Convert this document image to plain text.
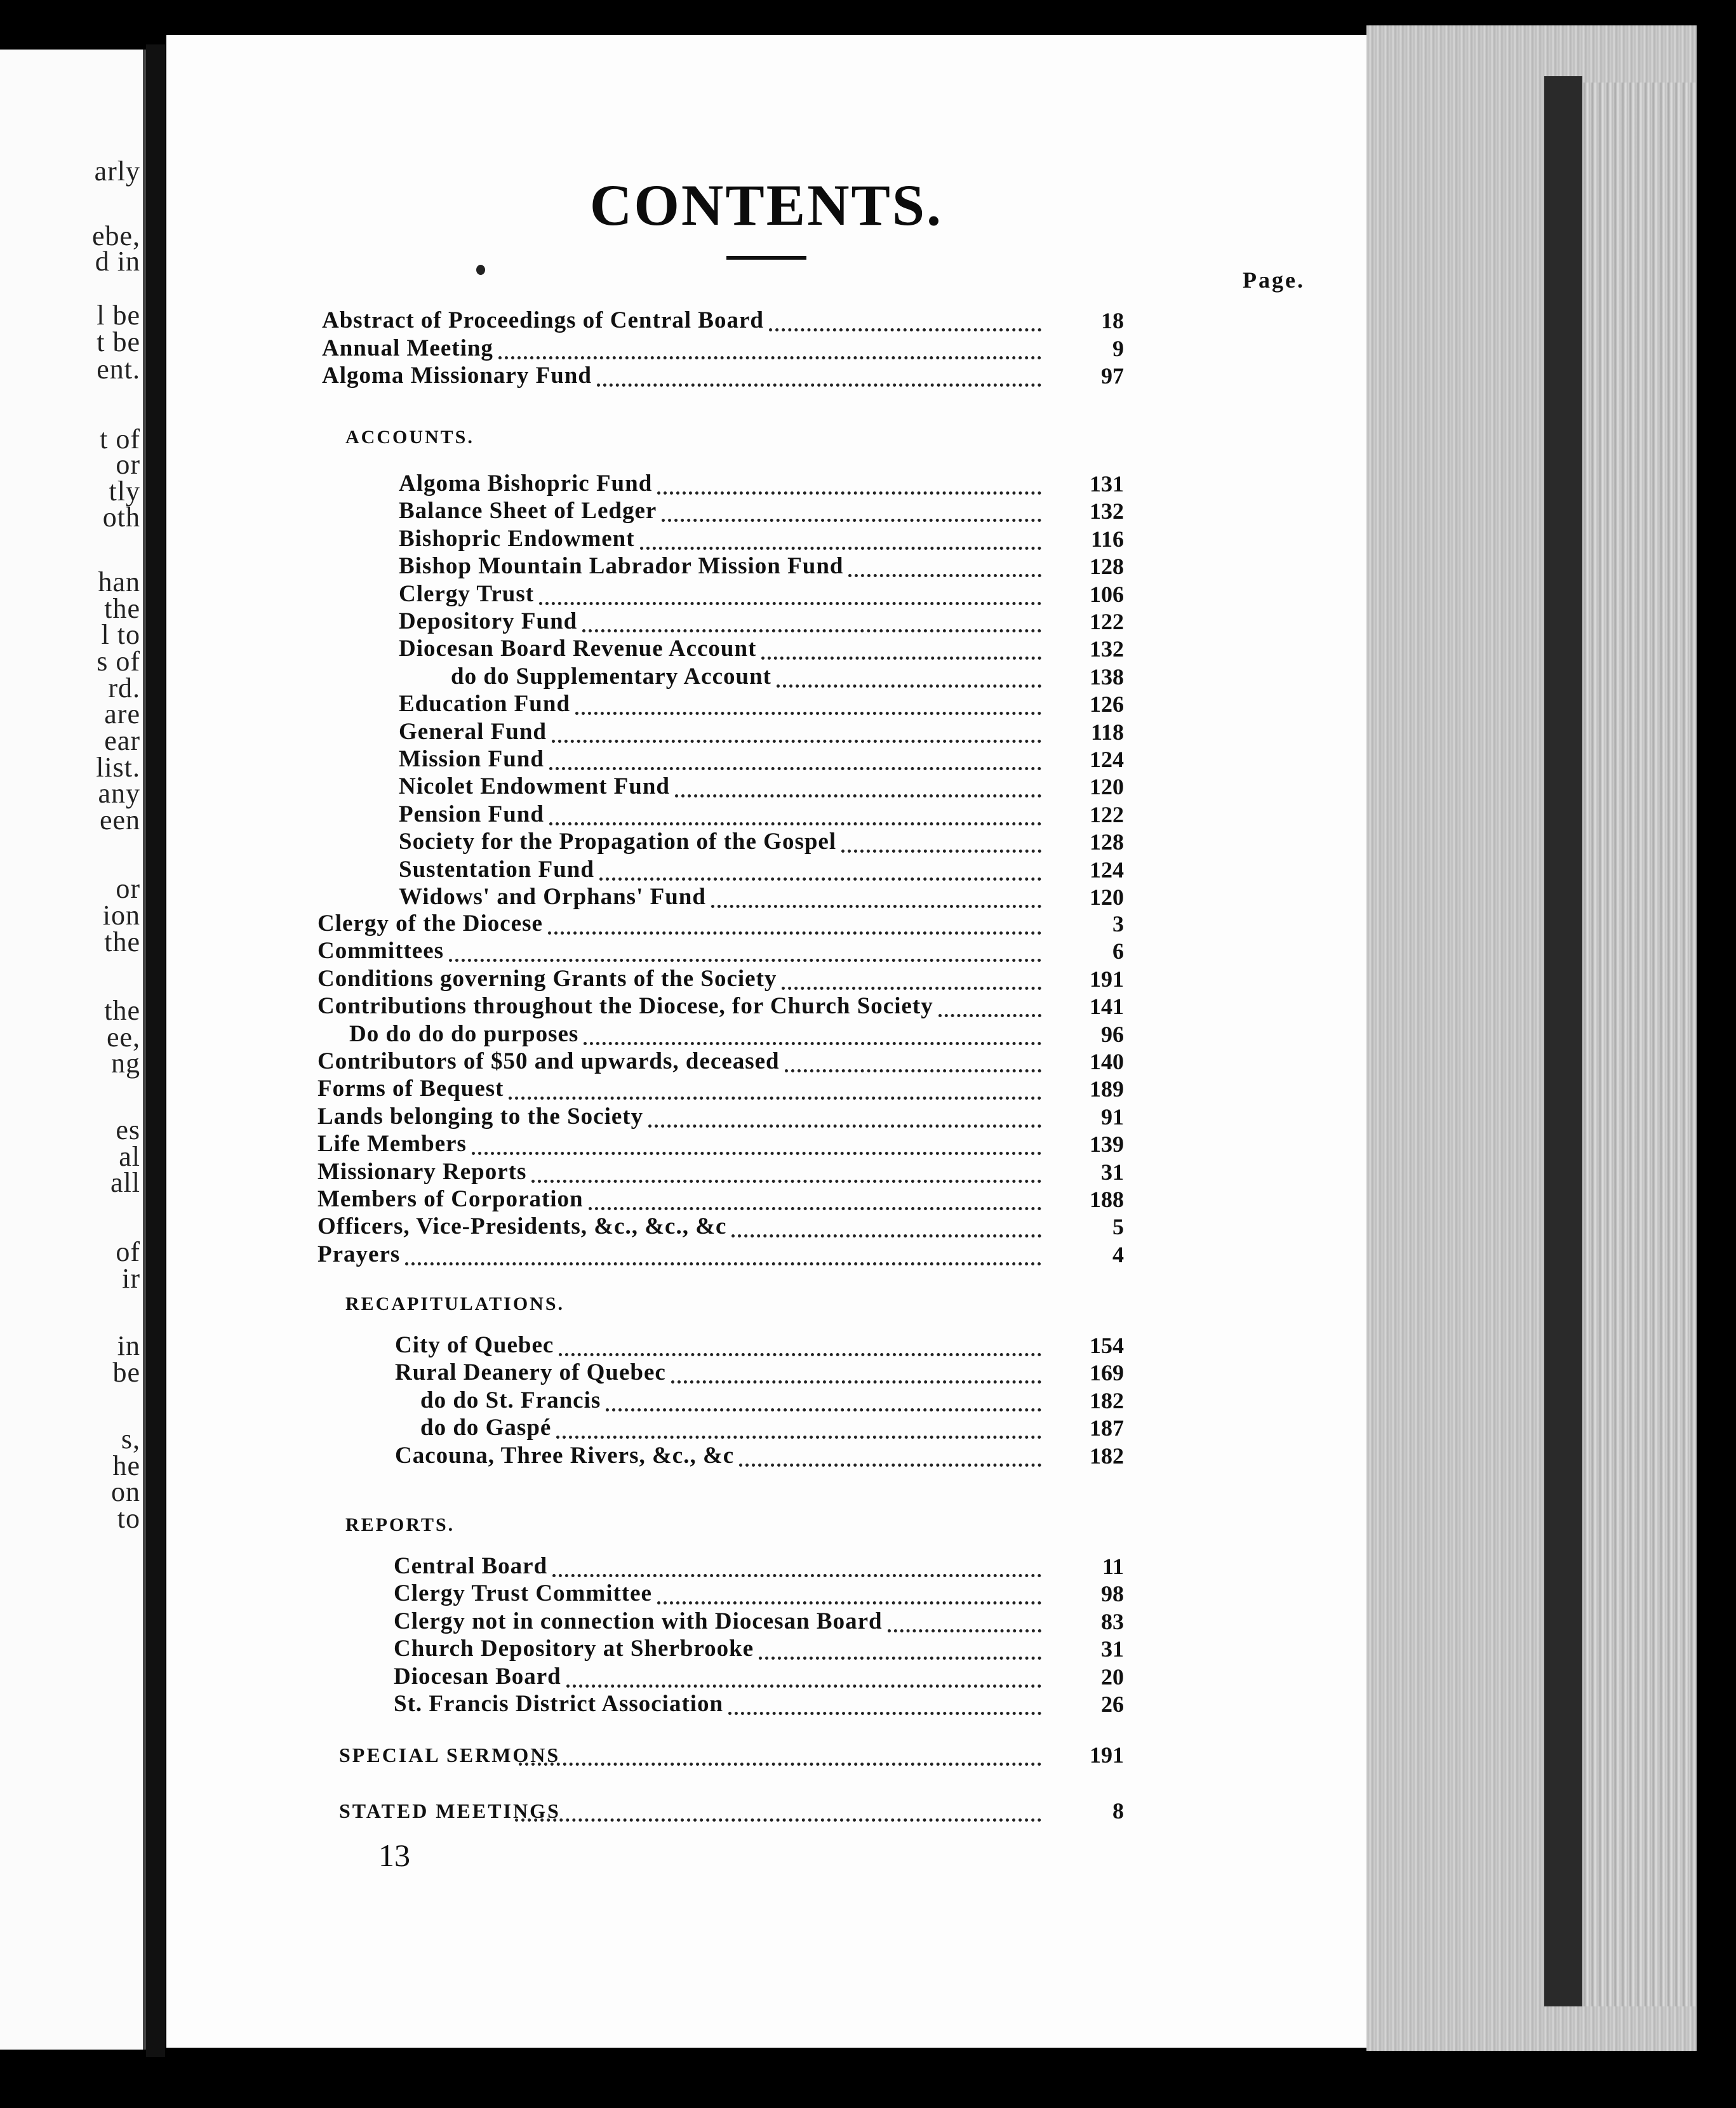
arly
ebe,
d in
l be
t be
ent.
t of
or
tly
oth
han
the
l to
s of
rd.
are
ear
list.
any
een
or
ion
the
the
ee,
ng
es
al
all
of
ir
in
be
s,
he
on
to
CONTENTS.
Page.
ACCOUNTS.
RECAPITULATIONS.
REPORTS.
Abstract of Proceedings of Central Board	18
Annual Meeting	9
Algoma Missionary Fund	97
Algoma Bishopric Fund	131
Balance Sheet of Ledger	132
Bishopric Endowment	116
Bishop Mountain Labrador Mission Fund	128
Clergy Trust	106
Depository Fund	122
Diocesan Board Revenue Account	132
do do Supplementary Account	138
Education Fund	126
General Fund	118
Mission Fund	124
Nicolet Endowment Fund	120
Pension Fund	122
Society for the Propagation of the Gospel	128
Sustentation Fund	124
Widows' and Orphans' Fund	120
Clergy of the Diocese	3
Committees	6
Conditions governing Grants of the Society	191
Contributions throughout the Diocese, for Church Society	141
Do do do do purposes	96
Contributors of $50 and upwards, deceased	140
Forms of Bequest	189
Lands belonging to the Society	91
Life Members	139
Missionary Reports	31
Members of Corporation	188
Officers, Vice-Presidents, &c., &c., &c	5
Prayers	4
City of Quebec	154
Rural Deanery of Quebec	169
do do St. Francis	182
do do Gaspé	187
Cacouna, Three Rivers, &c., &c	182
Central Board	11
Clergy Trust Committee	98
Clergy not in connection with Diocesan Board	83
Church Depository at Sherbrooke	31
Diocesan Board	20
St. Francis District Association	26
SPECIAL SERMONS	191
STATED MEETINGS	8
13
